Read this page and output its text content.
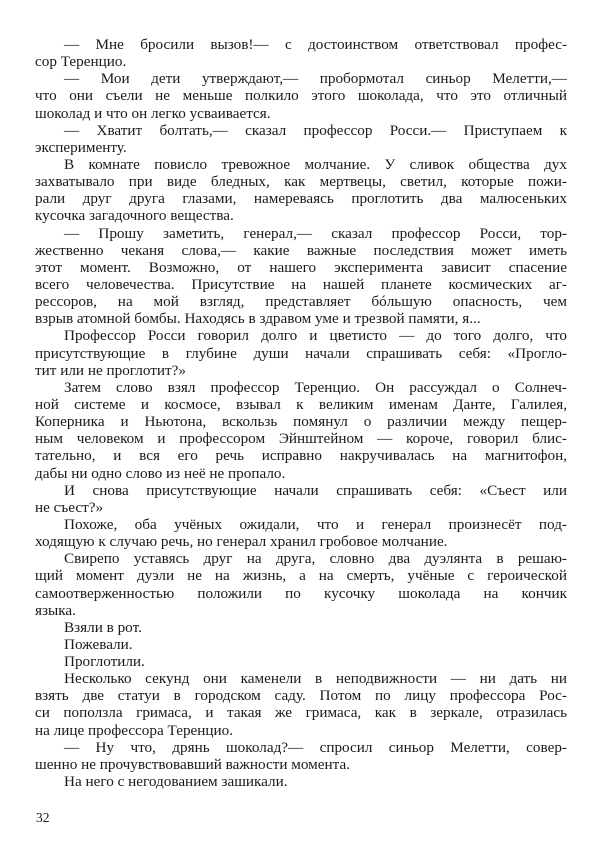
— Мне бросили вызов!— с достоинством ответствовал профес-
сор Теренцио.
— Мои дети утверждают,— пробормотал синьор Мелетти,—
что они съели не меньше полкило этого шоколада, что это отличный
шоколад и что он легко усваивается.
— Хватит болтать,— сказал профессор Росси.— Приступаем к
эксперименту.
В комнате повисло тревожное молчание. У сливок общества дух
захватывало при виде бледных, как мертвецы, светил, которые пожи-
рали друг друга глазами, намереваясь проглотить два малюсеньких
кусочка загадочного вещества.
— Прошу заметить, генерал,— сказал профессор Росси, тор-
жественно чеканя слова,— какие важные последствия может иметь
этот момент. Возможно, от нашего эксперимента зависит спасение
всего человечества. Присутствие на нашей планете космических аг-
рессоров, на мой взгляд, представляет бóльшую опасность, чем
взрыв атомной бомбы. Находясь в здравом уме и трезвой памяти, я...
Профессор Росси говорил долго и цветисто — до того долго, что
присутствующие в глубине души начали спрашивать себя: «Прогло-
тит или не проглотит?»
Затем слово взял профессор Теренцио. Он рассуждал о Солнеч-
ной системе и космосе, взывал к великим именам Данте, Галилея,
Коперника и Ньютона, вскользь помянул о различии между пещер-
ным человеком и профессором Эйнштейном — короче, говорил блис-
тательно, и вся его речь исправно накручивалась на магнитофон,
дабы ни одно слово из неё не пропало.
И снова присутствующие начали спрашивать себя: «Съест или
не съест?»
Похоже, оба учёных ожидали, что и генерал произнесёт под-
ходящую к случаю речь, но генерал хранил гробовое молчание.
Свирепо уставясь друг на друга, словно два дуэлянта в решаю-
щий момент дуэли не на жизнь, а на смерть, учёные с героической
самоотверженностью положили по кусочку шоколада на кончик
языка.
Взяли в рот.
Пожевали.
Проглотили.
Несколько секунд они каменели в неподвижности — ни дать ни
взять две статуи в городском саду. Потом по лицу профессора Рос-
си поползла гримаса, и такая же гримаса, как в зеркале, отразилась
на лице профессора Теренцио.
— Ну что, дрянь шоколад?— спросил синьор Мелетти, совер-
шенно не прочувствовавший важности момента.
На него с негодованием зашикали.
32
